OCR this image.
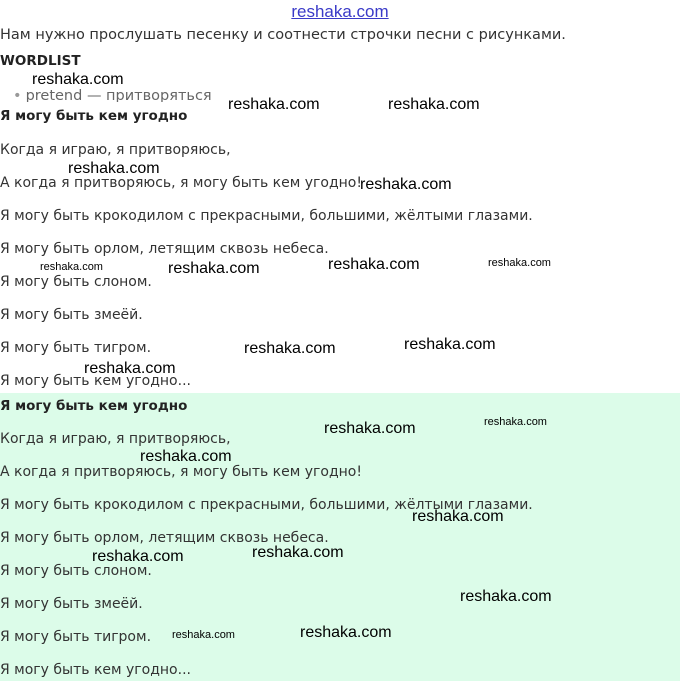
reshaka.com
Нам нужно прослушать песенку и соотнести строчки песни с рисунками.
WORDLIST
• pretend — притворяться
Я могу быть кем угодно
Когда я играю, я притворяюсь,
А когда я притворяюсь, я могу быть кем угодно!
Я могу быть крокодилом с прекрасными, большими, жёлтыми глазами.
Я могу быть орлом, летящим сквозь небеса.
Я могу быть слоном.
Я могу быть змеёй.
Я могу быть тигром.
Я могу быть кем угодно...
Я могу быть кем угодно
Когда я играю, я притворяюсь,
А когда я притворяюсь, я могу быть кем угодно!
Я могу быть крокодилом с прекрасными, большими, жёлтыми глазами.
Я могу быть орлом, летящим сквозь небеса.
Я могу быть слоном.
Я могу быть змеёй.
Я могу быть тигром.
Я могу быть кем угодно...
reshaka.com
reshaka.com	reshaka.com
reshaka.com
reshaka.com
reshaka.com	reshaka.com	reshaka.com	reshaka.com
reshaka.com	reshaka.com
reshaka.com
reshaka.com	reshaka.com
reshaka.com
reshaka.com
reshaka.com
reshaka.com
reshaka.com
reshaka.com	reshaka.com
